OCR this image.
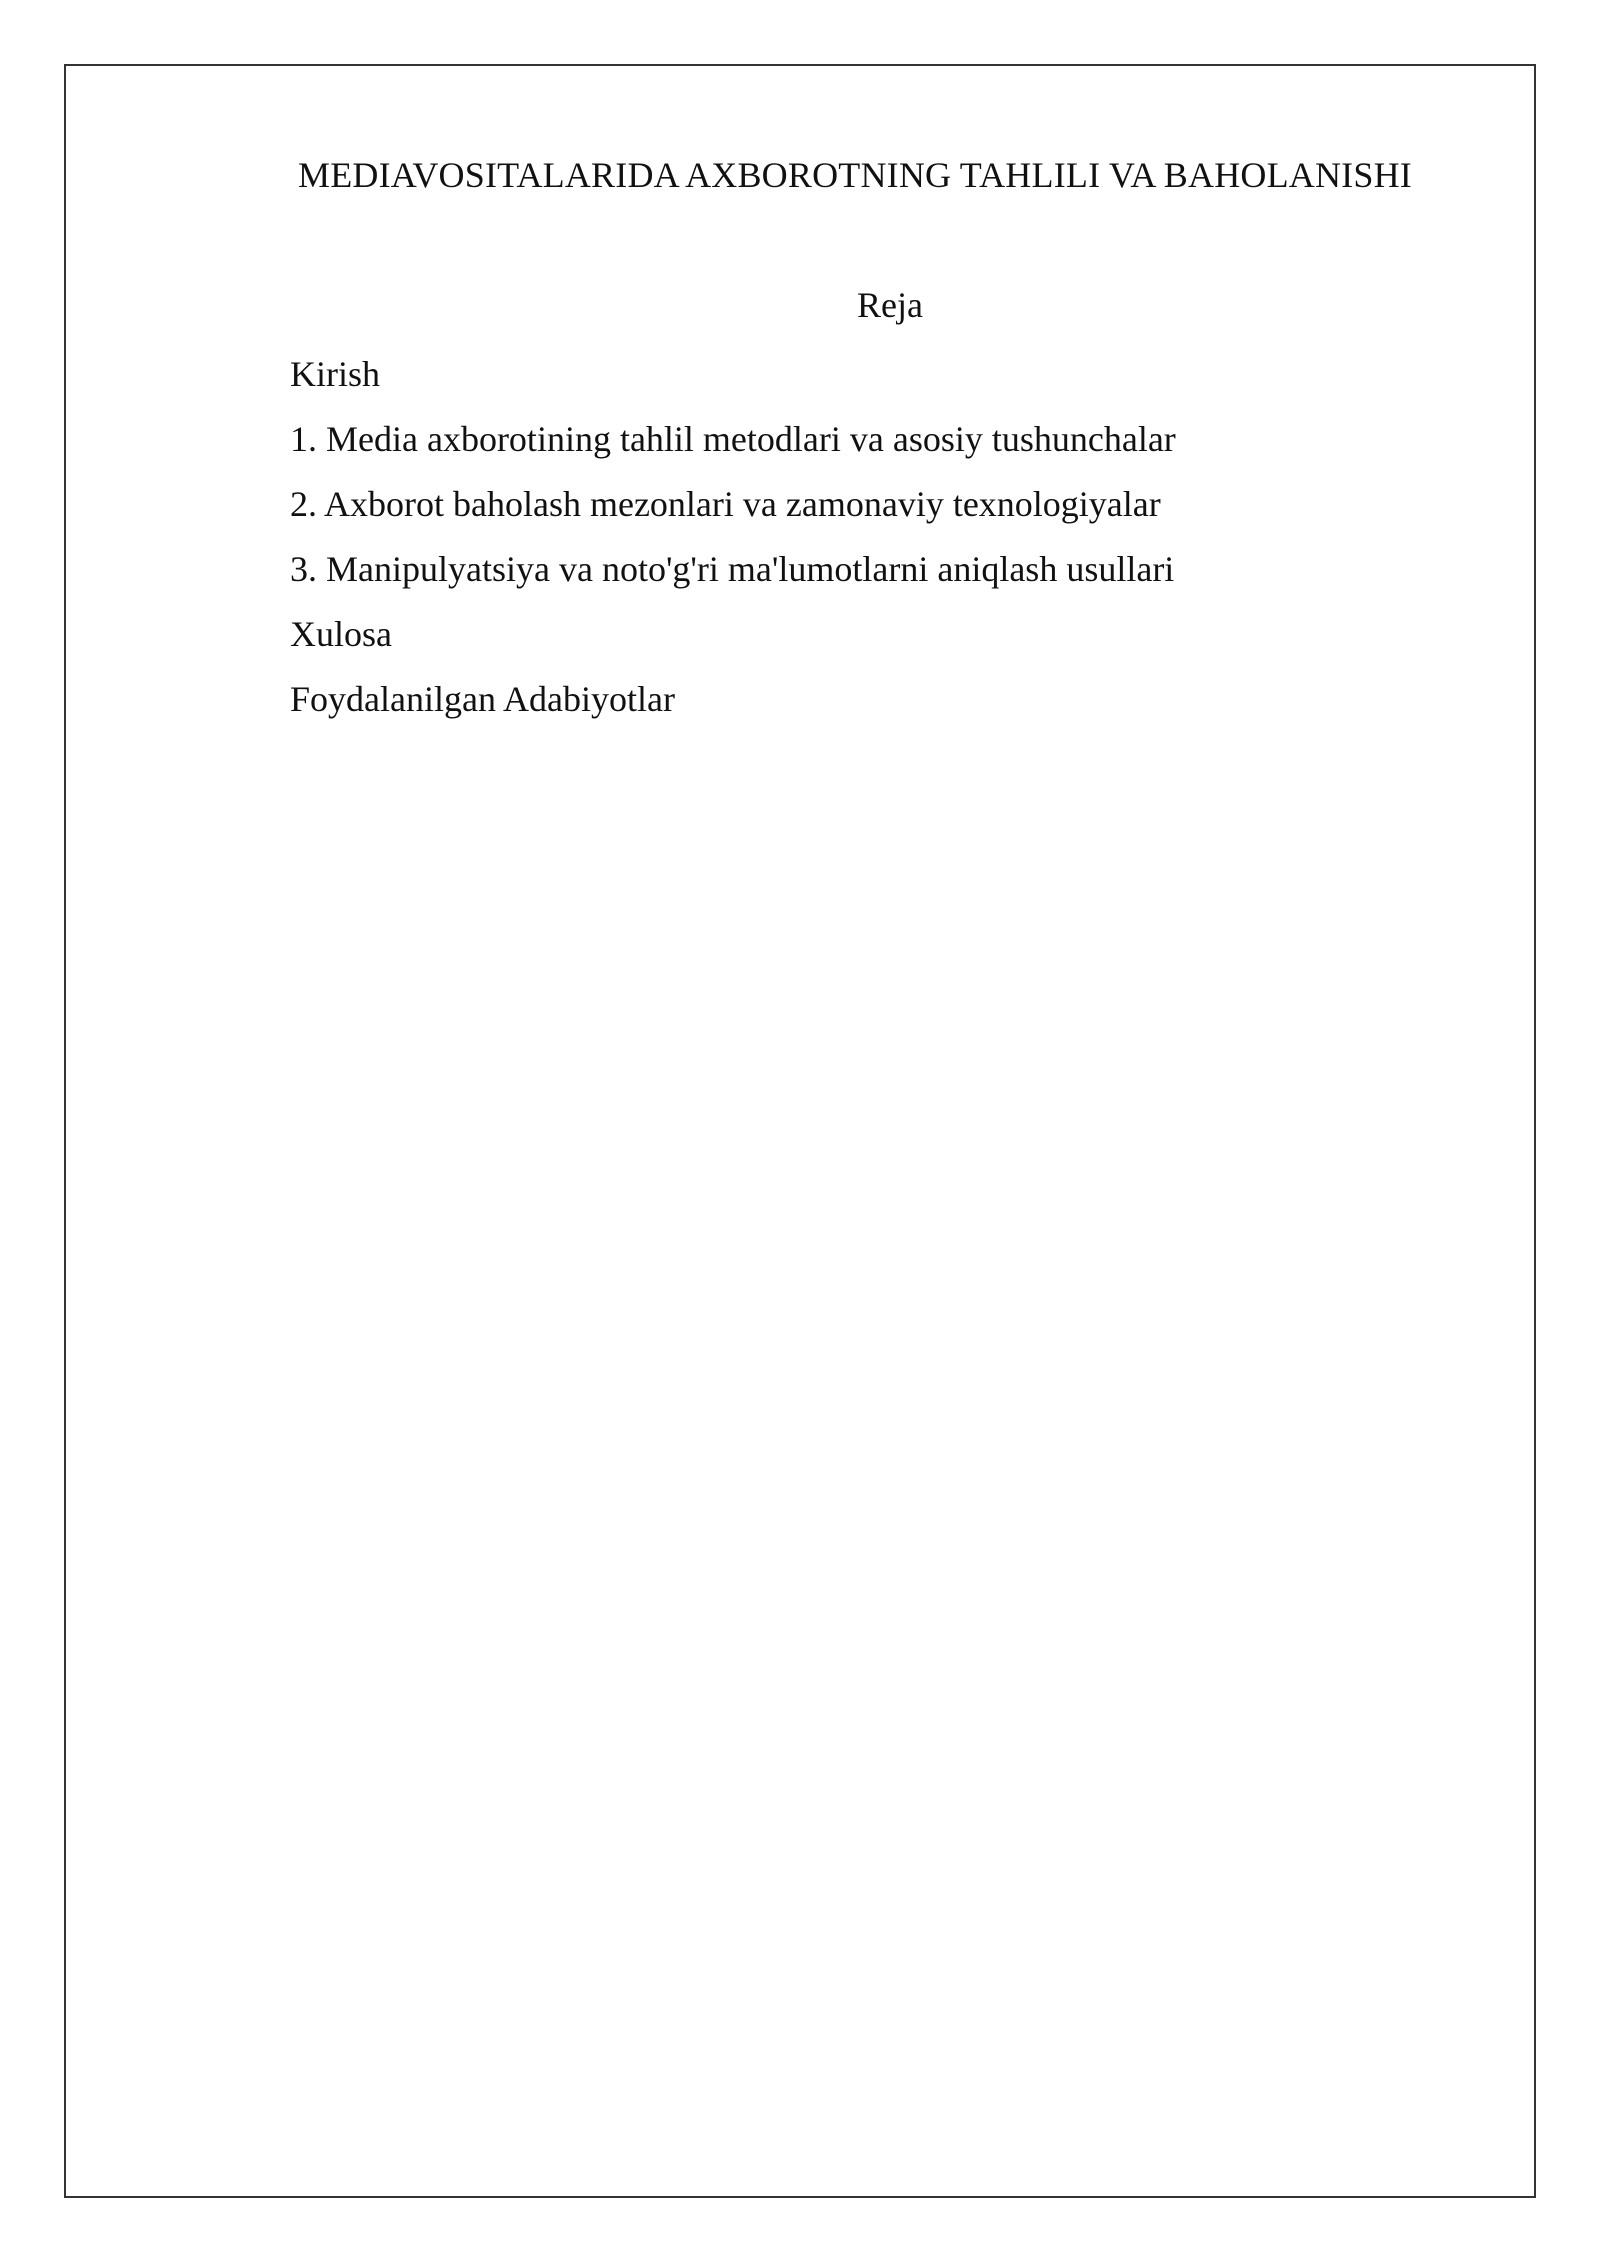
MEDIAVOSITALARIDA AXBOROTNING TAHLILI VA BAHOLANISHI
Reja
Kirish
1. Media axborotining tahlil metodlari va asosiy tushunchalar
2. Axborot baholash mezonlari va zamonaviy texnologiyalar
3. Manipulyatsiya va noto'g'ri ma'lumotlarni aniqlash usullari
Xulosa
Foydalanilgan Adabiyotlar
